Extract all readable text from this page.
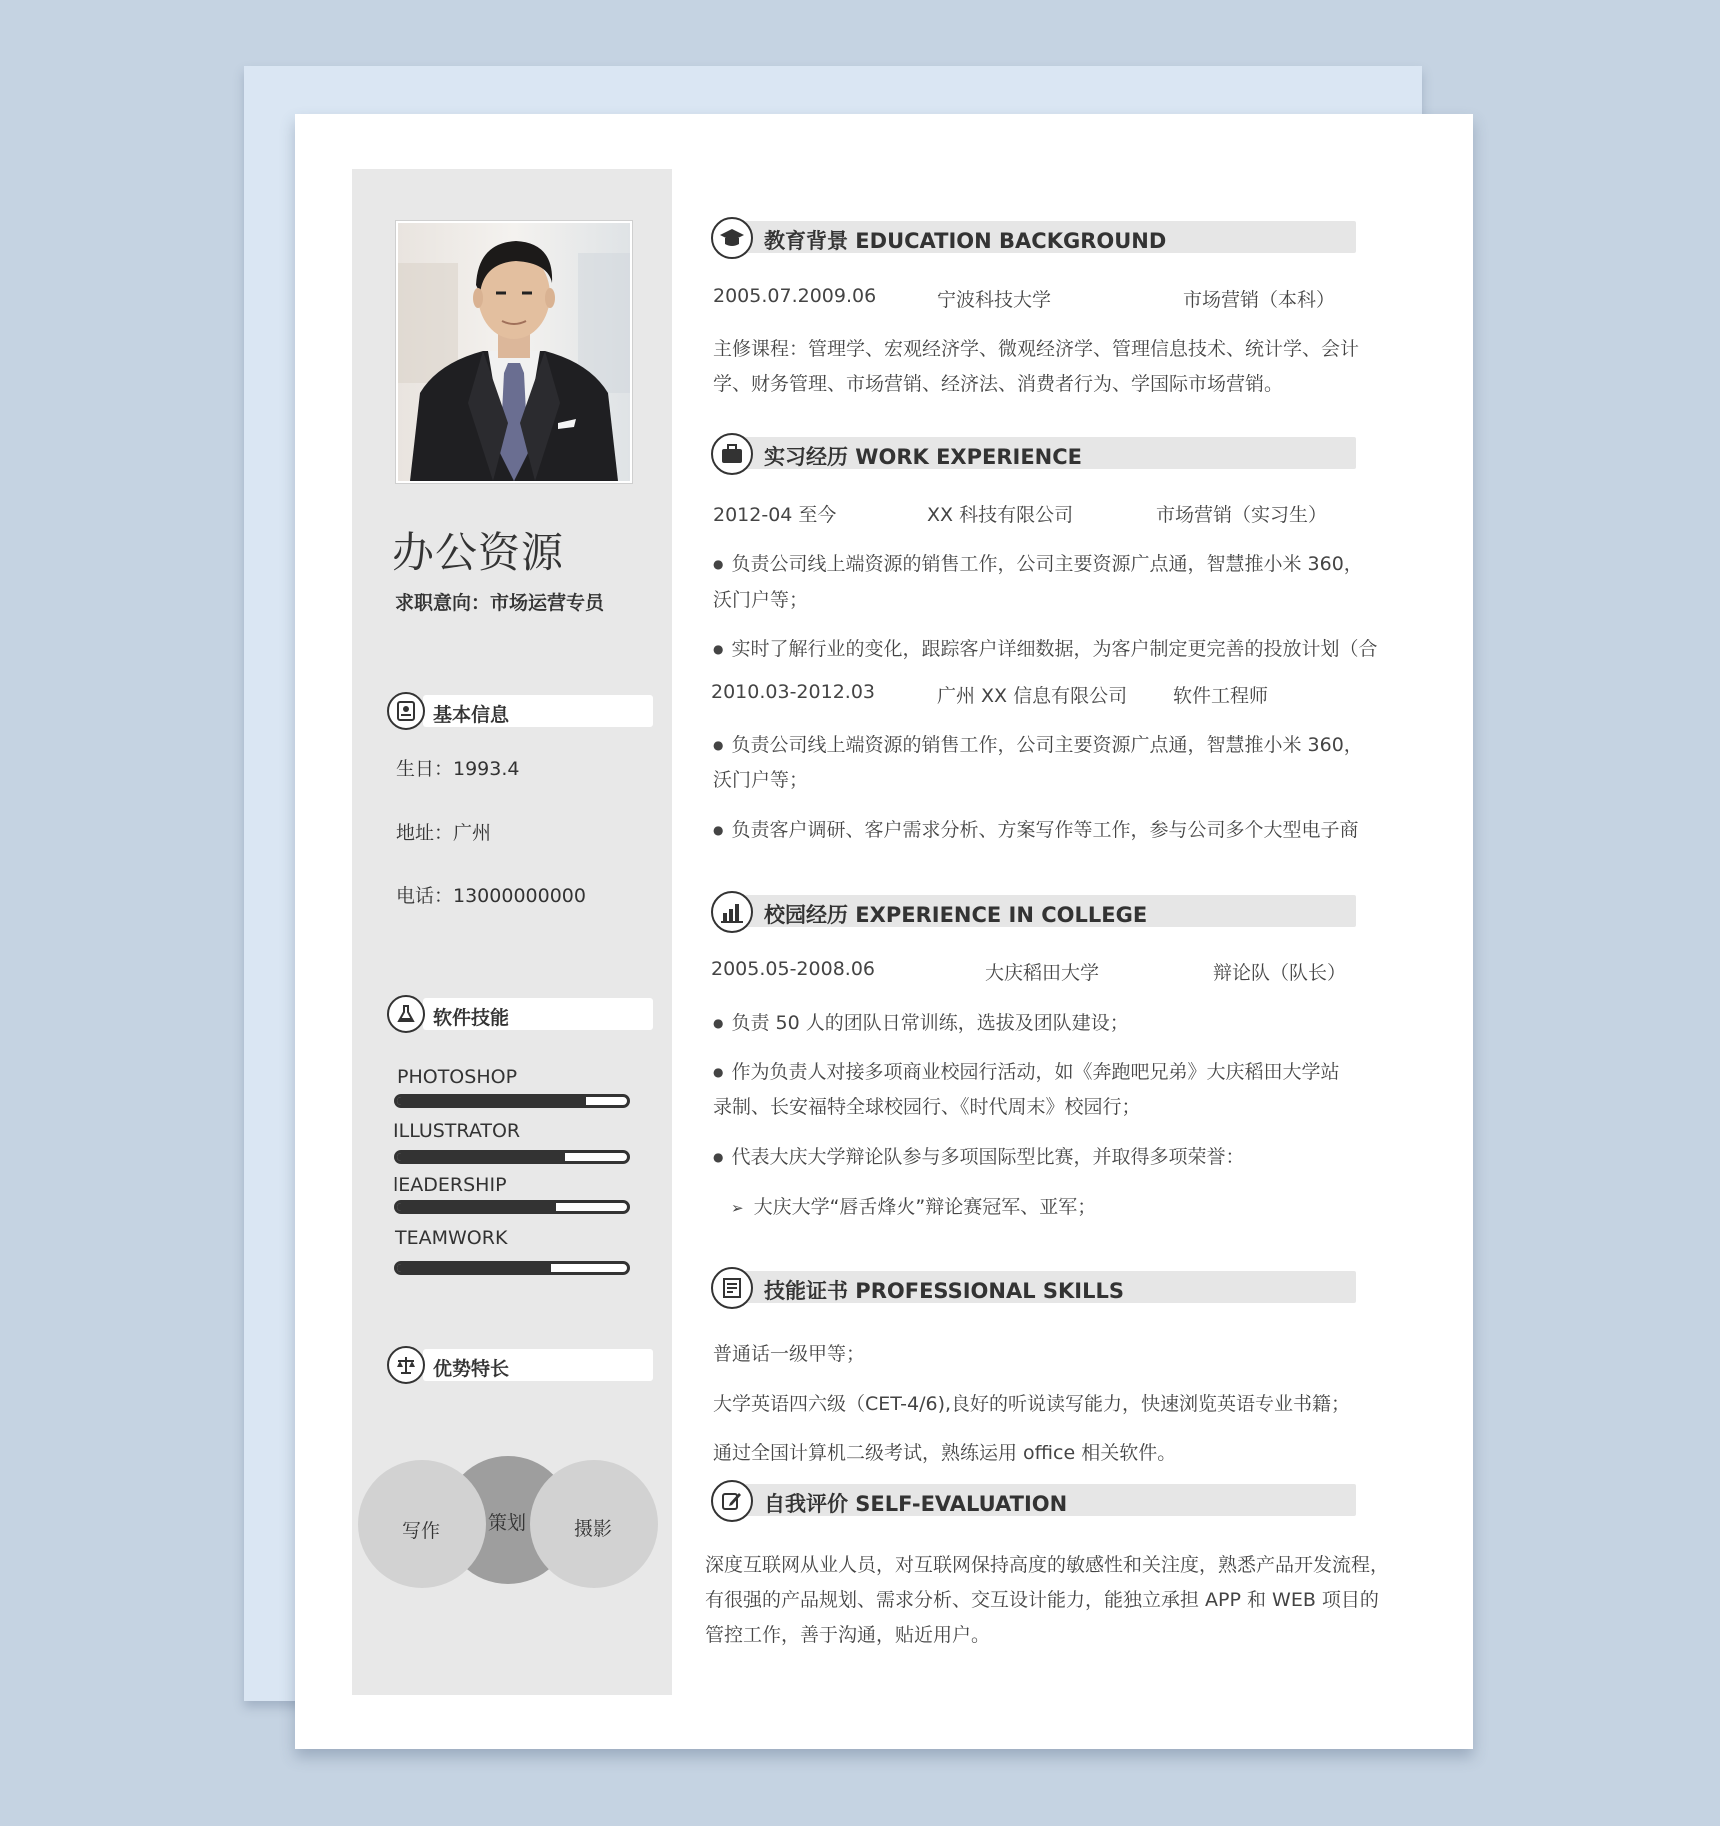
办公资源
求职意向：市场运营专员
基本信息
生日：1993.4
地址：广州
电话：13000000000
软件技能
PHOTOSHOP
ILLUSTRATOR
lEADERSHIP
TEAMWORK
优势特长
写作	策划	摄影
教育背景 EDUCATION BACKGROUND
2005.07.2009.06	宁波科技大学	市场营销（本科）
主修课程：管理学、宏观经济学、微观经济学、管理信息技术、统计学、会计
学、财务管理、市场营销、经济法、消费者行为、学国际市场营销。
实习经历 WORK EXPERIENCE
2012-04 至今	XX 科技有限公司	市场营销（实习生）
● 负责公司线上端资源的销售工作，公司主要资源广点通，智慧推小米 360，
沃门户等；
● 实时了解行业的变化，跟踪客户详细数据，为客户制定更完善的投放计划（合
2010.03-2012.03	广州 XX 信息有限公司 软件工程师
● 负责公司线上端资源的销售工作，公司主要资源广点通，智慧推小米 360，
沃门户等；
● 负责客户调研、客户需求分析、方案写作等工作，参与公司多个大型电子商
校园经历 EXPERIENCE IN COLLEGE
2005.05-2008.06	大庆稻田大学	辩论队（队长）
● 负责 50 人的团队日常训练，选拔及团队建设；
● 作为负责人对接多项商业校园行活动，如《奔跑吧兄弟》大庆稻田大学站
录制、长安福特全球校园行、《时代周末》校园行；
● 代表大庆大学辩论队参与多项国际型比赛，并取得多项荣誉：
➢ 大庆大学“唇舌烽火”辩论赛冠军、亚军；
技能证书 PROFESSIONAL SKILLS
普通话一级甲等；
大学英语四六级（CET-4/6),良好的听说读写能力，快速浏览英语专业书籍；
通过全国计算机二级考试，熟练运用 office 相关软件。
自我评价 SELF-EVALUATION
深度互联网从业人员，对互联网保持高度的敏感性和关注度，熟悉产品开发流程，
有很强的产品规划、需求分析、交互设计能力，能独立承担 APP 和 WEB 项目的
管控工作，善于沟通，贴近用户。
